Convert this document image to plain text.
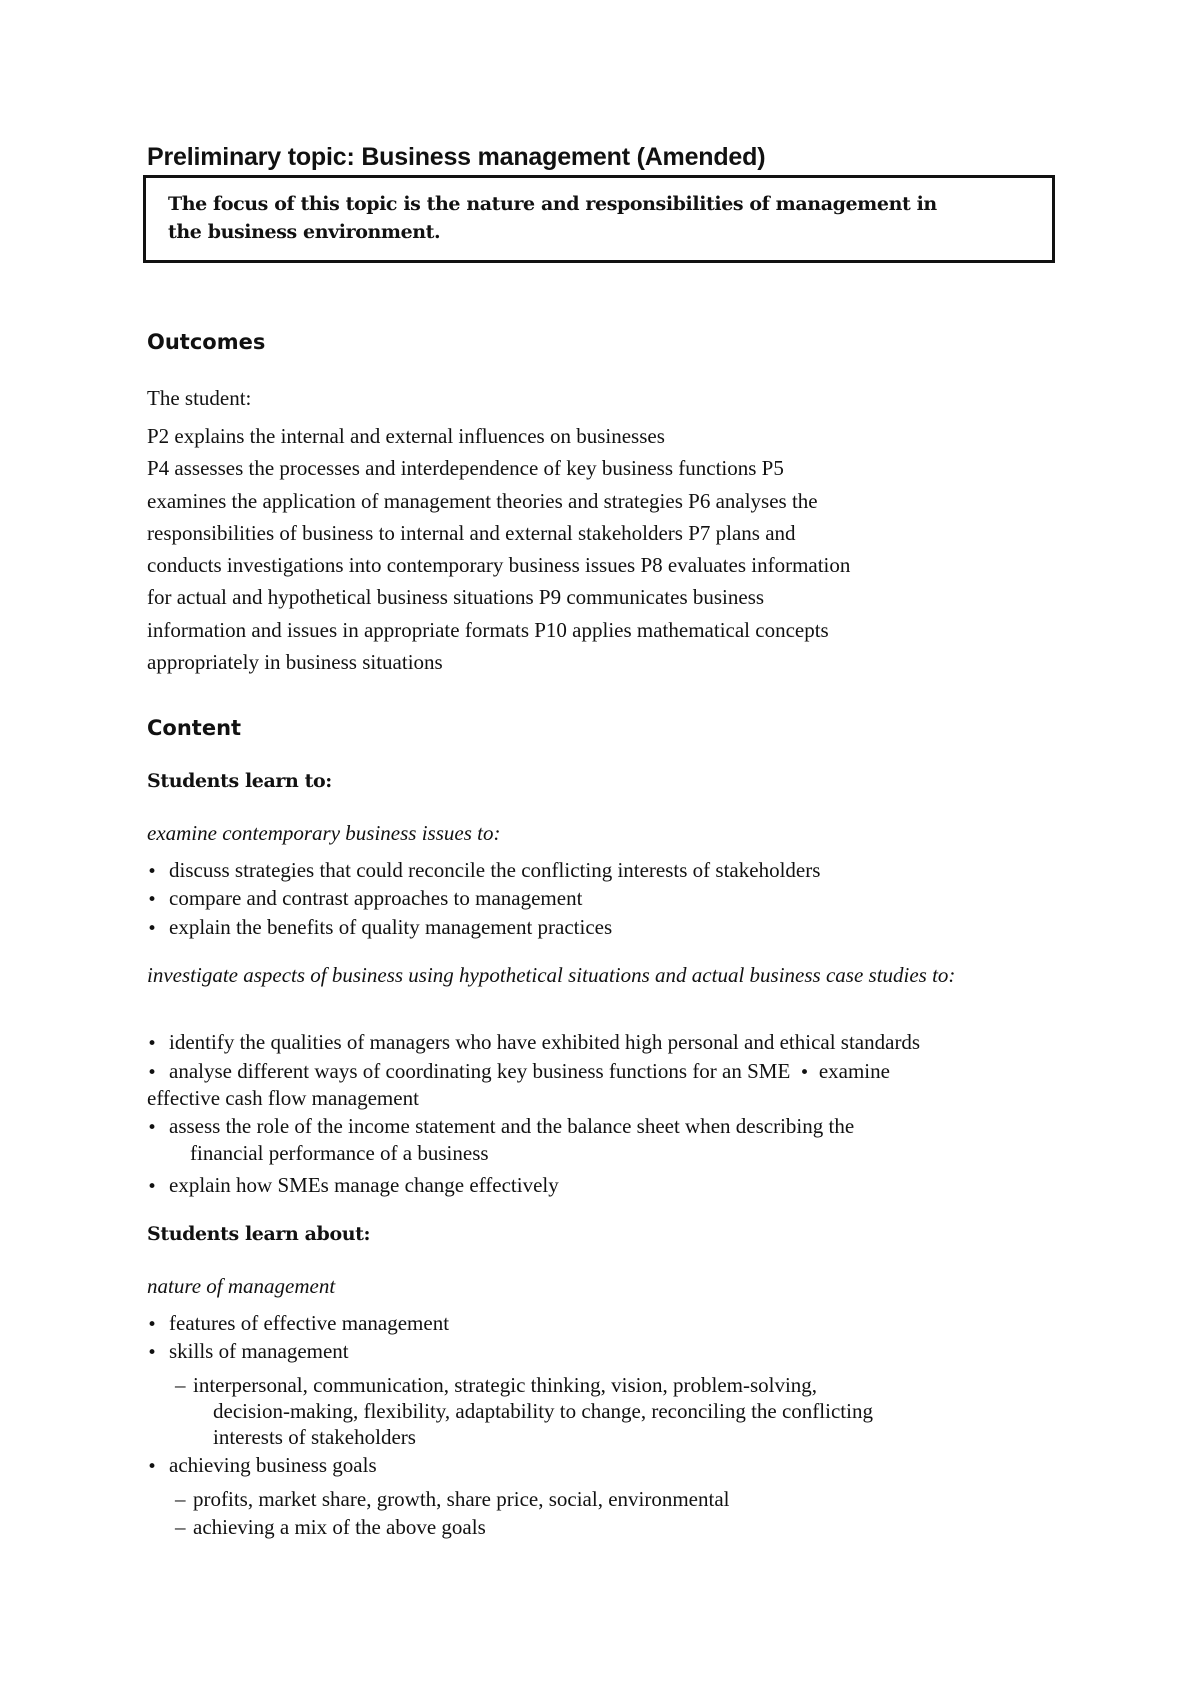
Preliminary topic: Business management (Amended)
The focus of this topic is the nature and responsibilities of management in
the business environment.
Outcomes
The student:
P2 explains the internal and external influences on businesses
P4 assesses the processes and interdependence of key business functions P5
examines the application of management theories and strategies P6 analyses the
responsibilities of business to internal and external stakeholders P7 plans and
conducts investigations into contemporary business issues P8 evaluates information
for actual and hypothetical business situations P9 communicates business
information and issues in appropriate formats P10 applies mathematical concepts
appropriately in business situations
Content
Students learn to:
examine contemporary business issues to:
• discuss strategies that could reconcile the conflicting interests of stakeholders
• compare and contrast approaches to management
• explain the benefits of quality management practices
investigate aspects of business using hypothetical situations and actual business case studies to:
• identify the qualities of managers who have exhibited high personal and ethical standards
• analyse different ways of coordinating key business functions for an SME • examine
effective cash flow management
• assess the role of the income statement and the balance sheet when describing the
financial performance of a business
• explain how SMEs manage change effectively
Students learn about:
nature of management
• features of effective management
• skills of management
– interpersonal, communication, strategic thinking, vision, problem-solving,
decision-making, flexibility, adaptability to change, reconciling the conflicting
interests of stakeholders
• achieving business goals
– profits, market share, growth, share price, social, environmental
– achieving a mix of the above goals
